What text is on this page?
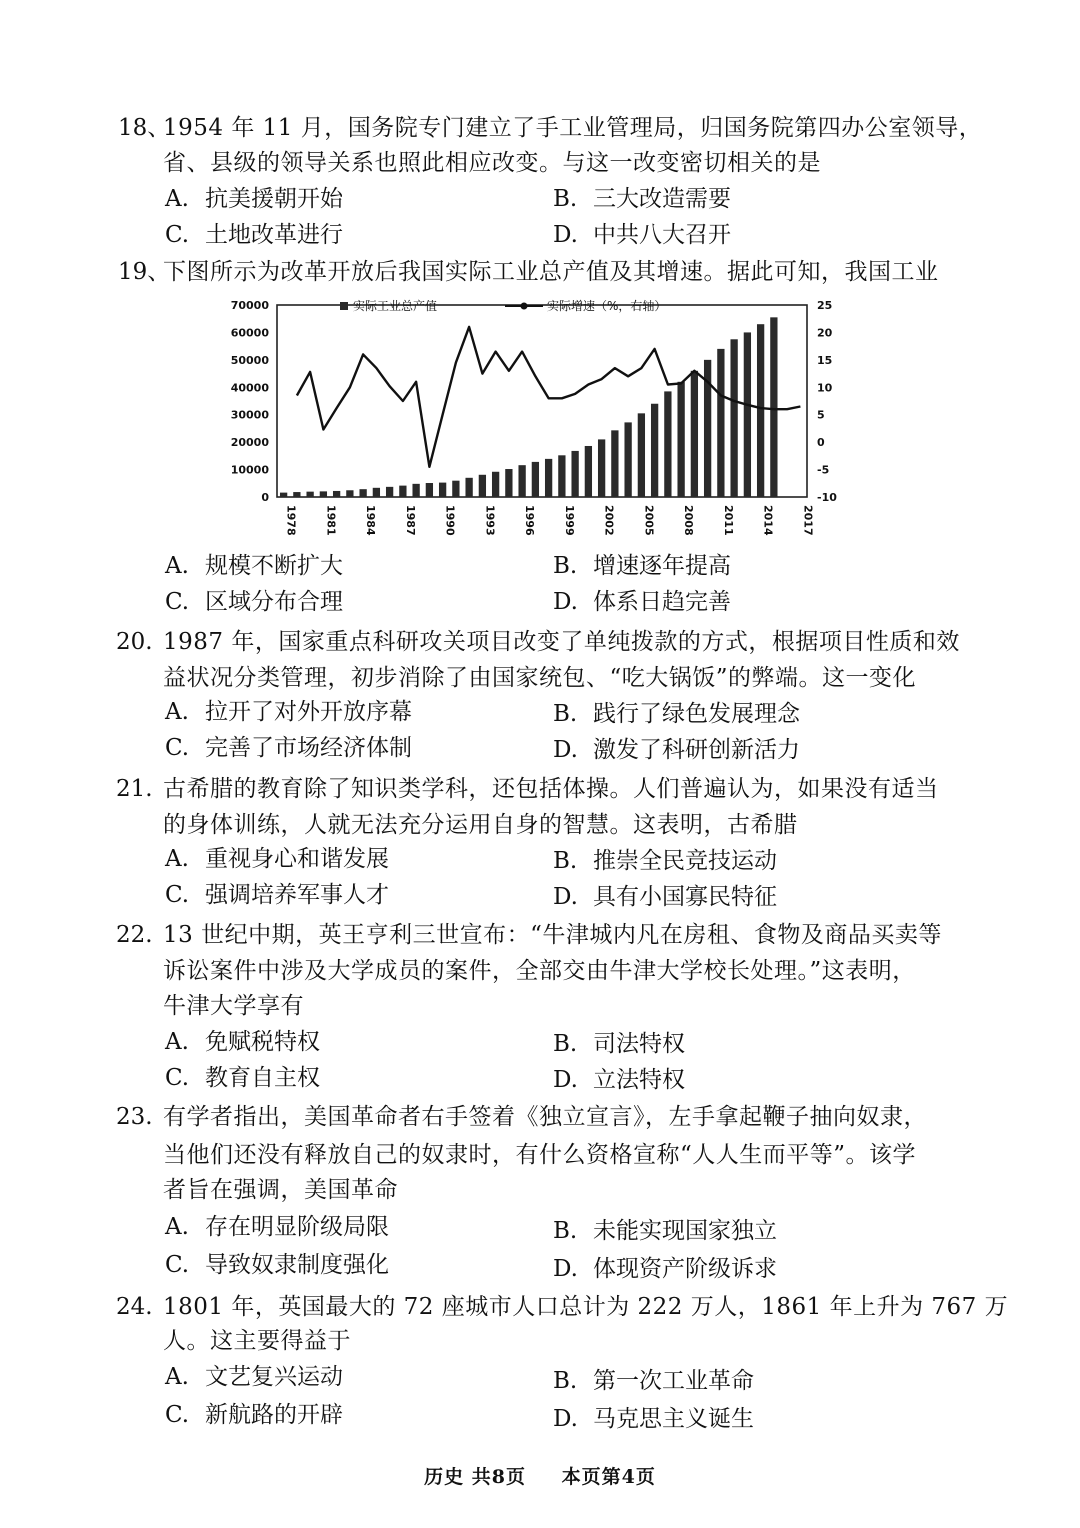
18、
1954 年 11 月，国务院专门建立了手工业管理局，归国务院第四办公室领导，
省、县级的领导关系也照此相应改变。与这一改变密切相关的是
A. 抗美援朝开始	B. 三大改造需要
C. 土地改革进行	D. 中共八大召开
19、
下图所示为改革开放后我国实际工业总产值及其增速。据此可知，我国工业
70000
60000
50000
40000
30000
20000
10000
0
25
20
15
10
5
0
-5
-10
1978 1981 1984 1987 1990 1993 1996 1999 2002 2005 2008 2011 2014 2017
实际工业总产值	实际增速（%，右轴）
A. 规模不断扩大	B. 增速逐年提高
C. 区域分布合理	D. 体系日趋完善
20. 1987 年，国家重点科研攻关项目改变了单纯拨款的方式，根据项目性质和效
益状况分类管理，初步消除了由国家统包、“吃大锅饭”的弊端。这一变化
A. 拉开了对外开放序幕	B. 践行了绿色发展理念
C. 完善了市场经济体制	D. 激发了科研创新活力
21. 古希腊的教育除了知识类学科，还包括体操。人们普遍认为，如果没有适当
的身体训练，人就无法充分运用自身的智慧。这表明，古希腊
A. 重视身心和谐发展	B. 推崇全民竞技运动
C. 强调培养军事人才	D. 具有小国寡民特征
22. 13 世纪中期，英王亨利三世宣布：“牛津城内凡在房租、食物及商品买卖等
诉讼案件中涉及大学成员的案件，全部交由牛津大学校长处理。”这表明，
牛津大学享有
A. 免赋税特权	B. 司法特权
C. 教育自主权	D. 立法特权
23. 有学者指出，美国革命者右手签着《独立宣言》，左手拿起鞭子抽向奴隶，
当他们还没有释放自己的奴隶时，有什么资格宣称“人人生而平等”。该学
者旨在强调，美国革命
A. 存在明显阶级局限	B. 未能实现国家独立
C. 导致奴隶制度强化	D. 体现资产阶级诉求
24. 1801 年，英国最大的 72 座城市人口总计为 222 万人，1861 年上升为 767 万
人。这主要得益于
A. 文艺复兴运动	B. 第一次工业革命
C. 新航路的开辟	D. 马克思主义诞生
历史 共8页 本页第4页
